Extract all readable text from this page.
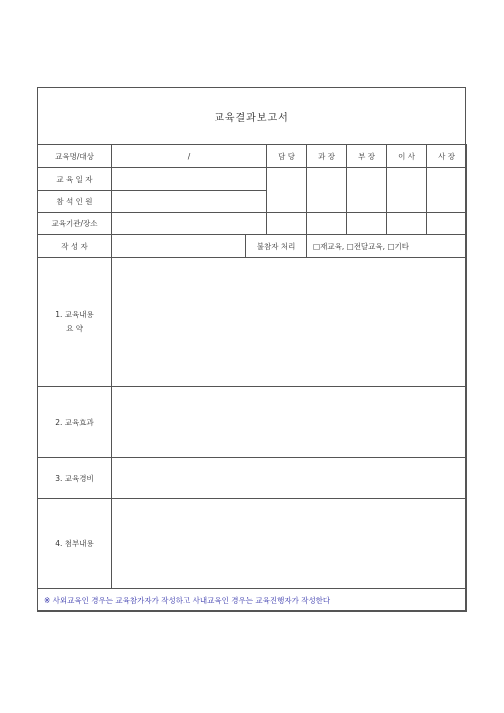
교육결과보고서
교육명/대상	/		담 당	과 장	부 장	이 사	사 장
교 육 일 자							
참 석 인 원							
교육기관/장소							
작 성 자		불참자 처리		□재교육, □전달교육, □기타			
1. 교육내용
요 약							
2. 교육효과							
3. 교육경비							
4. 첨부내용							
※ 사외교육인 경우는 교육참가자가 작성하고 사내교육인 경우는 교육진행자가 작성한다							
